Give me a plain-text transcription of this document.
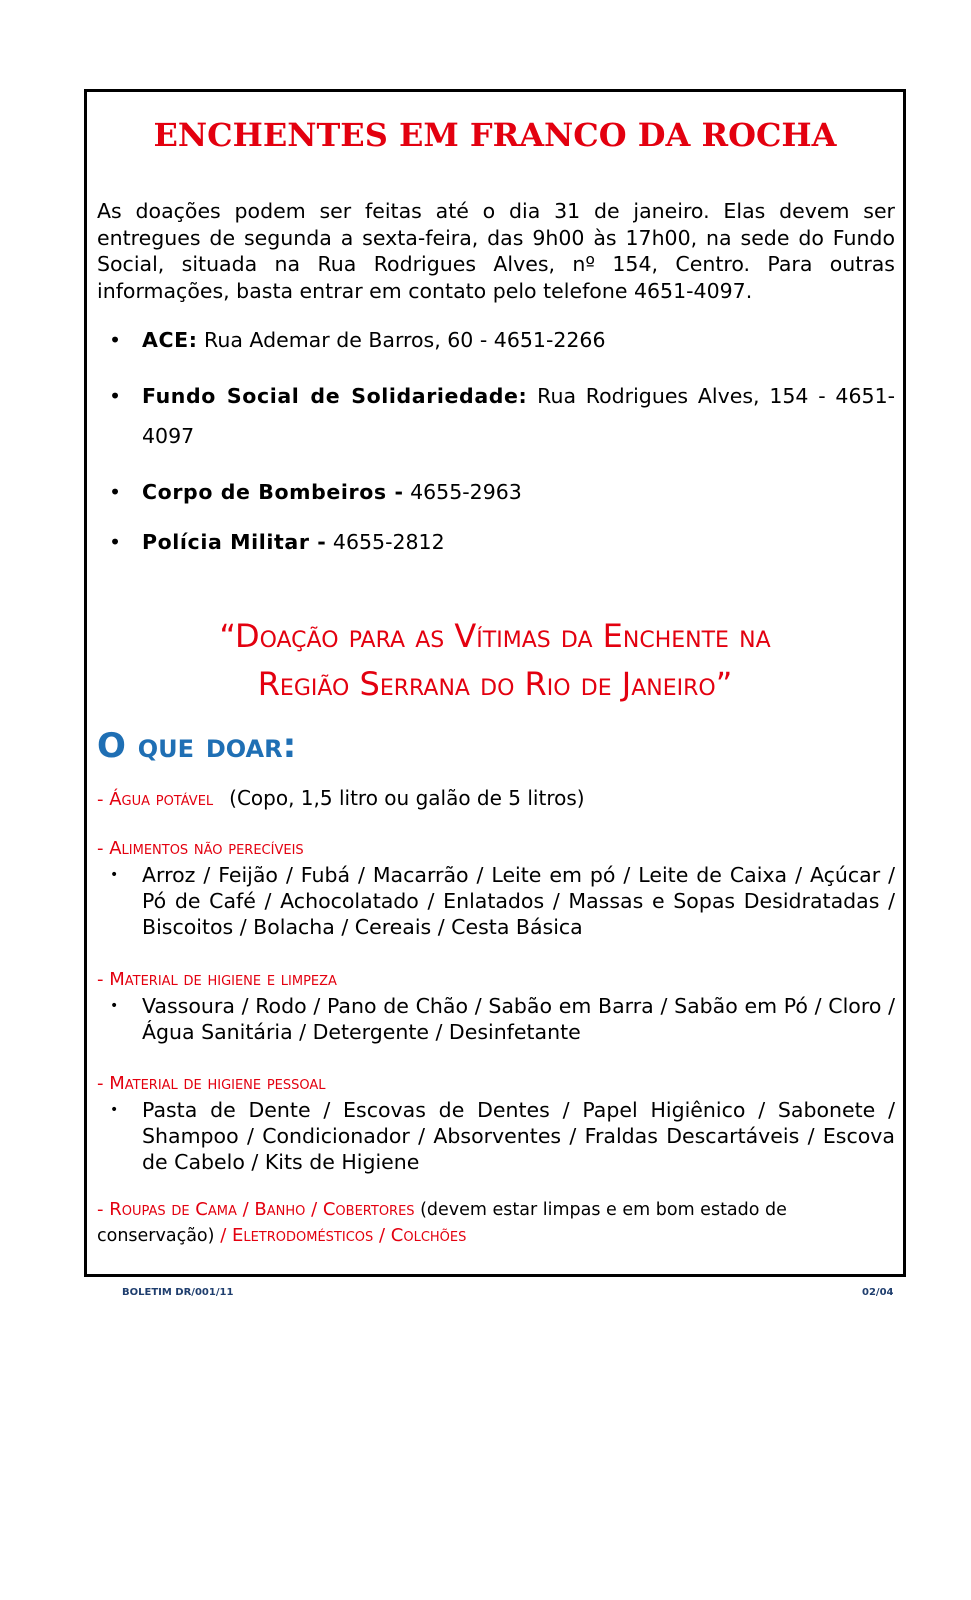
ENCHENTES EM FRANCO DA ROCHA

As doações podem ser feitas até o dia 31 de janeiro. Elas devem ser entregues de segunda a sexta-feira, das 9h00 às 17h00, na sede do Fundo Social, situada na Rua Rodrigues Alves, nº 154, Centro. Para outras informações, basta entrar em contato pelo telefone 4651-4097.

• ACE: Rua Ademar de Barros, 60 - 4651-2266
• Fundo Social de Solidariedade: Rua Rodrigues Alves, 154 - 4651-4097
• Corpo de Bombeiros - 4655-2963
• Polícia Militar - 4655-2812
“Doação para as Vítimas da Enchente na
Região Serrana do Rio de Janeiro”
O que doar:

- Água potável (Copo, 1,5 litro ou galão de 5 litros)

- Alimentos não perecíveis

• Arroz / Feijão / Fubá / Macarrão / Leite em pó / Leite de Caixa / Açúcar / Pó de Café / Achocolatado / Enlatados / Massas e Sopas Desidratadas / Biscoitos / Bolacha / Cereais / Cesta Básica

- Material de higiene e limpeza

• Vassoura / Rodo / Pano de Chão / Sabão em Barra / Sabão em Pó / Cloro / Água Sanitária / Detergente / Desinfetante

- Material de higiene pessoal

• Pasta de Dente / Escovas de Dentes / Papel Higiênico / Sabonete / Shampoo / Condicionador / Absorventes / Fraldas Descartáveis / Escova de Cabelo / Kits de Higiene

- Roupas de Cama / Banho / Cobertores (devem estar limpas e em bom estado de conservação) / Eletrodomésticos / Colchões

BOLETIM DR/001/11	02/04
